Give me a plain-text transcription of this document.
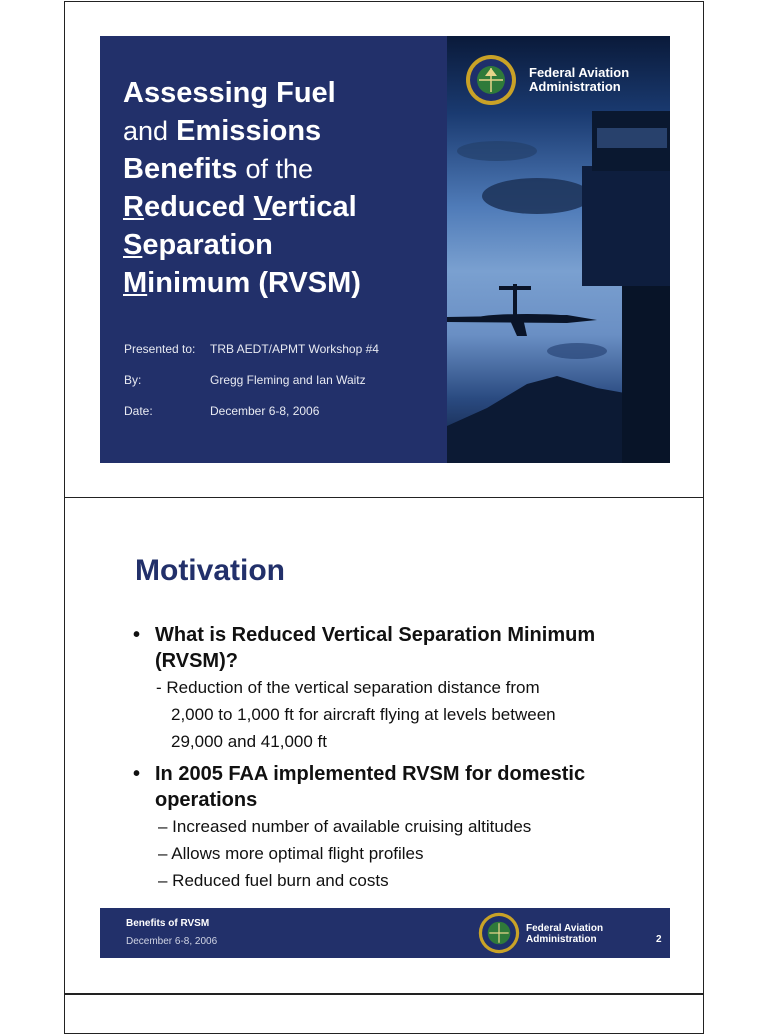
Assessing Fuel
and Emissions
Benefits of the
Reduced Vertical
Separation
Minimum (RVSM)
Presented to:	TRB AEDT/APMT Workshop #4
By:	Gregg Fleming and Ian Waitz
Date:	December 6-8, 2006
Federal Aviation
Administration
Motivation
• What is Reduced Vertical Separation Minimum (RVSM)?
- Reduction of the vertical separation distance from
2,000 to 1,000 ft for aircraft flying at levels between
29,000 and 41,000 ft
• In 2005 FAA implemented RVSM for domestic operations
– Increased number of available cruising altitudes
– Allows more optimal flight profiles
– Reduced fuel burn and costs
Benefits of RVSM
December 6-8, 2006
Federal Aviation
Administration	2
